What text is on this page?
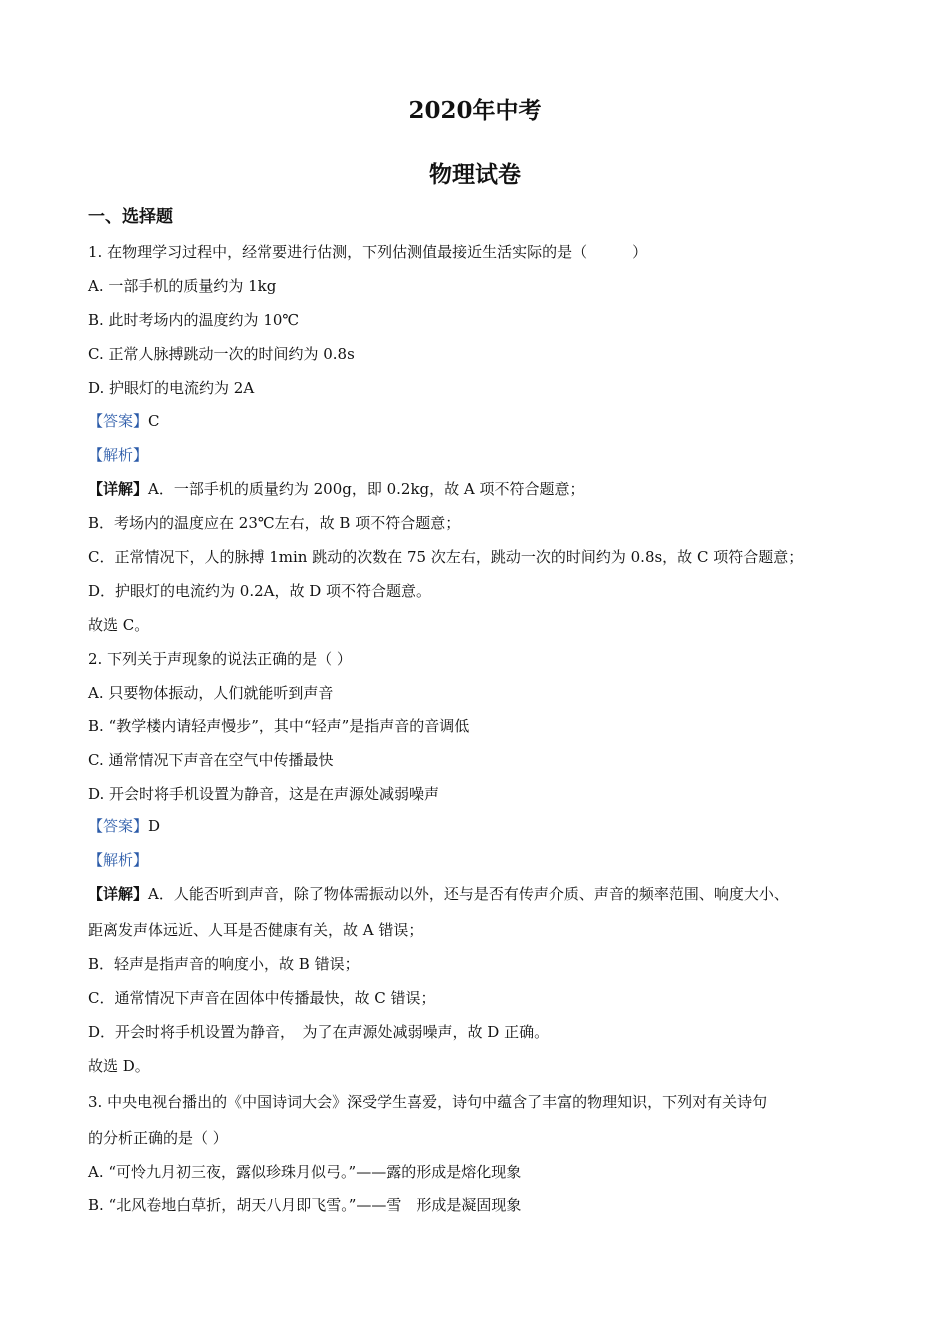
2020年中考
物理试卷
一、选择题
1. 在物理学习过程中，经常要进行估测，下列估测值最接近生活实际的是（　　　）
A. 一部手机的质量约为 1kg
B. 此时考场内的温度约为 10℃
C. 正常人脉搏跳动一次的时间约为 0.8s
D. 护眼灯的电流约为 2A
【答案】C
【解析】
【详解】A．一部手机的质量约为 200g，即 0.2kg，故 A 项不符合题意；
B．考场内的温度应在 23℃左右，故 B 项不符合题意；
C．正常情况下，人的脉搏 1min 跳动的次数在 75 次左右，跳动一次的时间约为 0.8s，故 C 项符合题意；
D．护眼灯的电流约为 0.2A，故 D 项不符合题意。
故选 C。
2. 下列关于声现象的说法正确的是（ ）
A. 只要物体振动，人们就能听到声音
B. “教学楼内请轻声慢步”，其中“轻声”是指声音的音调低
C. 通常情况下声音在空气中传播最快
D. 开会时将手机设置为静音，这是在声源处减弱噪声
【答案】D
【解析】
【详解】A．人能否听到声音，除了物体需振动以外，还与是否有传声介质、声音的频率范围、响度大小、
距离发声体远近、人耳是否健康有关，故 A 错误；
B．轻声是指声音的响度小，故 B 错误；
C．通常情况下声音在固体中传播最快，故 C 错误；
D．开会时将手机设置为静音，　为了在声源处减弱噪声，故 D 正确。
故选 D。
3. 中央电视台播出的《中国诗词大会》深受学生喜爱，诗句中蕴含了丰富的物理知识，下列对有关诗句
的分析正确的是（ ）
A. “可怜九月初三夜，露似珍珠月似弓。”——露的形成是熔化现象
B. “北风卷地白草折，胡天八月即飞雪。”——雪　形成是凝固现象
